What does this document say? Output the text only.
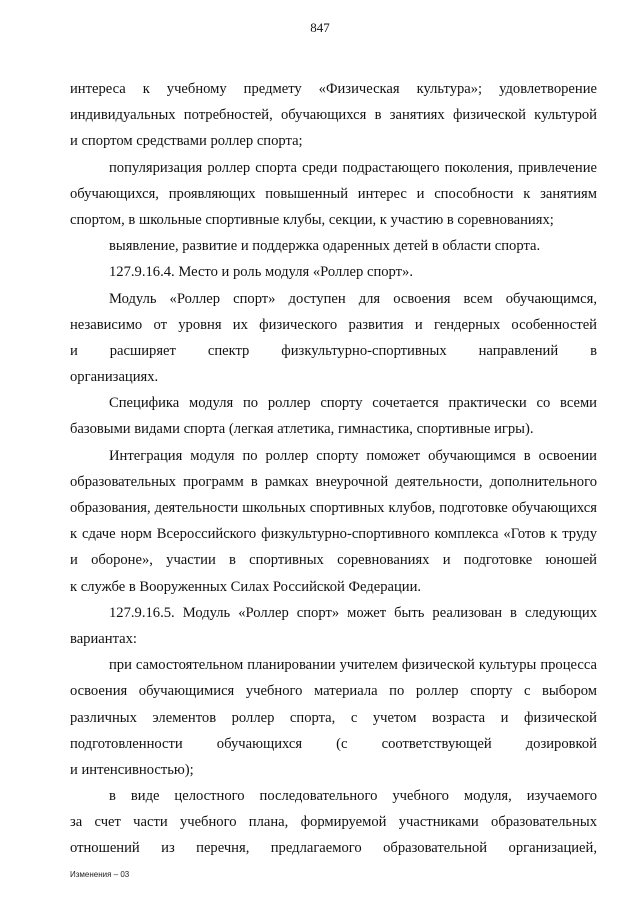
847
интереса к учебному предмету «Физическая культура»; удовлетворение
индивидуальных потребностей, обучающихся в занятиях физической культурой
и спортом средствами роллер спорта;
популяризация роллер спорта среди подрастающего поколения, привлечение
обучающихся, проявляющих повышенный интерес и способности к занятиям
спортом, в школьные спортивные клубы, секции, к участию в соревнованиях;
выявление, развитие и поддержка одаренных детей в области спорта.
127.9.16.4. Место и роль модуля «Роллер спорт».
Модуль «Роллер спорт» доступен для освоения всем обучающимся,
независимо от уровня их физического развития и гендерных особенностей
и расширяет спектр физкультурно-спортивных направлений в
организациях.
Специфика модуля по роллер спорту сочетается практически со всеми
базовыми видами спорта (легкая атлетика, гимнастика, спортивные игры).
Интеграция модуля по роллер спорту поможет обучающимся в освоении
образовательных программ в рамках внеурочной деятельности, дополнительного
образования, деятельности школьных спортивных клубов, подготовке обучающихся
к сдаче норм Всероссийского физкультурно-спортивного комплекса «Готов к труду
и обороне», участии в спортивных соревнованиях и подготовке юношей
к службе в Вооруженных Силах Российской Федерации.
127.9.16.5. Модуль «Роллер спорт» может быть реализован в следующих
вариантах:
при самостоятельном планировании учителем физической культуры процесса
освоения обучающимися учебного материала по роллер спорту с выбором
различных элементов роллер спорта, с учетом возраста и физической
подготовленности обучающихся (с соответствующей дозировкой
и интенсивностью);
в виде целостного последовательного учебного модуля, изучаемого
за счет части учебного плана, формируемой участниками образовательных
отношений из перечня, предлагаемого образовательной организацией,
Изменения – 03
